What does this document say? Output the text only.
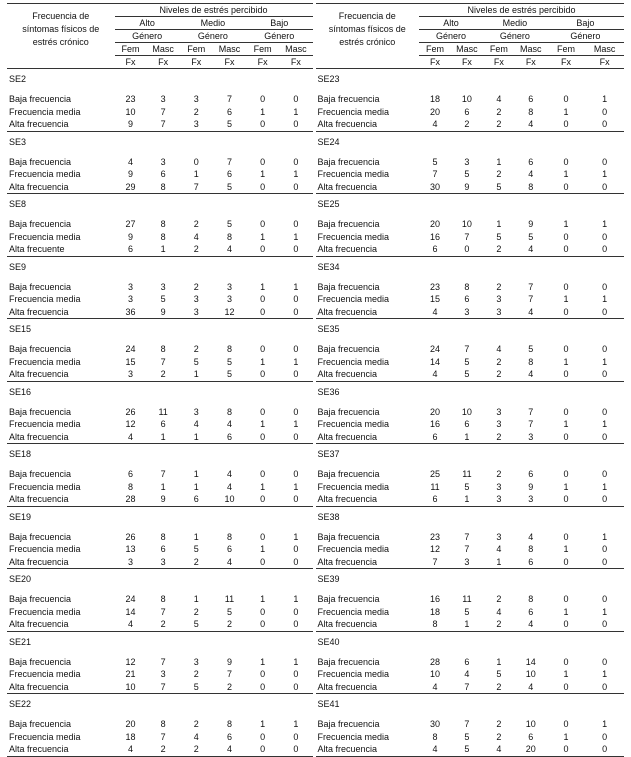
Frecuencia de
síntomas físicos de
estrés crónico	Niveles de estrés percibido					
	Alto		Medio		Bajo	
	Género		Género		Género	
	Fem	Masc	Fem	Masc	Fem	Masc
	Fx	Fx	Fx	Fx	Fx	Fx
SE2						

Baja frecuencia	23	3	3	7	0	0
Frecuencia media	10	7	2	6	1	1
Alta frecuencia	9	7	3	5	0	0
SE3						

Baja frecuencia	4	3	0	7	0	0
Frecuencia media	9	6	1	6	1	1
Alta frecuencia	29	8	7	5	0	0
SE8						

Baja frecuencia	27	8	2	5	0	0
Frecuencia media	9	8	4	8	1	1
Alta frecuente	6	1	2	4	0	0
SE9						

Baja frecuencia	3	3	2	3	1	1
Frecuencia media	3	5	3	3	0	0
Alta frecuencia	36	9	3	12	0	0
SE15						

Baja frecuencia	24	8	2	8	0	0
Frecuencia media	15	7	5	5	1	1
Alta frecuencia	3	2	1	5	0	0
SE16						

Baja frecuencia	26	11	3	8	0	0
Frecuencia media	12	6	4	4	1	1
Alta frecuencia	4	1	1	6	0	0
SE18						

Baja frecuencia	6	7	1	4	0	0
Frecuencia media	8	1	1	4	1	1
Alta frecuencia	28	9	6	10	0	0
SE19						

Baja frecuencia	26	8	1	8	0	1
Frecuencia media	13	6	5	6	1	0
Alta frecuencia	3	3	2	4	0	0
SE20						

Baja frecuencia	24	8	1	11	1	1
Frecuencia media	14	7	2	5	0	0
Alta frecuencia	4	2	5	2	0	0
SE21						

Baja frecuencia	12	7	3	9	1	1
Frecuencia media	21	3	2	7	0	0
Alta frecuencia	10	7	5	2	0	0
SE22						

Baja frecuencia	20	8	2	8	1	1
Frecuencia media	18	7	4	6	0	0
Alta frecuencia	4	2	2	4	0	0
Frecuencia de
síntomas físicos de
estrés crónico	Niveles de estrés percibido					
	Alto		Medio		Bajo	
	Género		Género		Género	
	Fem	Masc	Fem	Masc	Fem	Masc
	Fx	Fx	Fx	Fx	Fx	Fx
SE23						

Baja frecuencia	18	10	4	6	0	1
Frecuencia media	20	6	2	8	1	0
Alta frecuencia	4	2	2	4	0	0
SE24						

Baja frecuencia	5	3	1	6	0	0
Frecuencia media	7	5	2	4	1	1
Alta frecuencia	30	9	5	8	0	0
SE25						

Baja frecuencia	20	10	1	9	1	1
Frecuencia media	16	7	5	5	0	0
Alta frecuencia	6	0	2	4	0	0
SE34						

Baja frecuencia	23	8	2	7	0	0
Frecuencia media	15	6	3	7	1	1
Alta frecuencia	4	3	3	4	0	0
SE35						

Baja frecuencia	24	7	4	5	0	0
Frecuencia media	14	5	2	8	1	1
Alta frecuencia	4	5	2	4	0	0
SE36						

Baja frecuencia	20	10	3	7	0	0
Frecuencia media	16	6	3	7	1	1
Alta frecuencia	6	1	2	3	0	0
SE37						

Baja frecuencia	25	11	2	6	0	0
Frecuencia media	11	5	3	9	1	1
Alta frecuencia	6	1	3	3	0	0
SE38						

Baja frecuencia	23	7	3	4	0	1
Frecuencia media	12	7	4	8	1	0
Alta frecuencia	7	3	1	6	0	0
SE39						

Baja frecuencia	16	11	2	8	0	0
Frecuencia media	18	5	4	6	1	1
Alta frecuencia	8	1	2	4	0	0
SE40						

Baja frecuencia	28	6	1	14	0	0
Frecuencia media	10	4	5	10	1	1
Alta frecuencia	4	7	2	4	0	0
SE41						

Baja frecuencia	30	7	2	10	0	1
Frecuencia media	8	5	2	6	1	0
Alta frecuencia	4	5	4	20	0	0
